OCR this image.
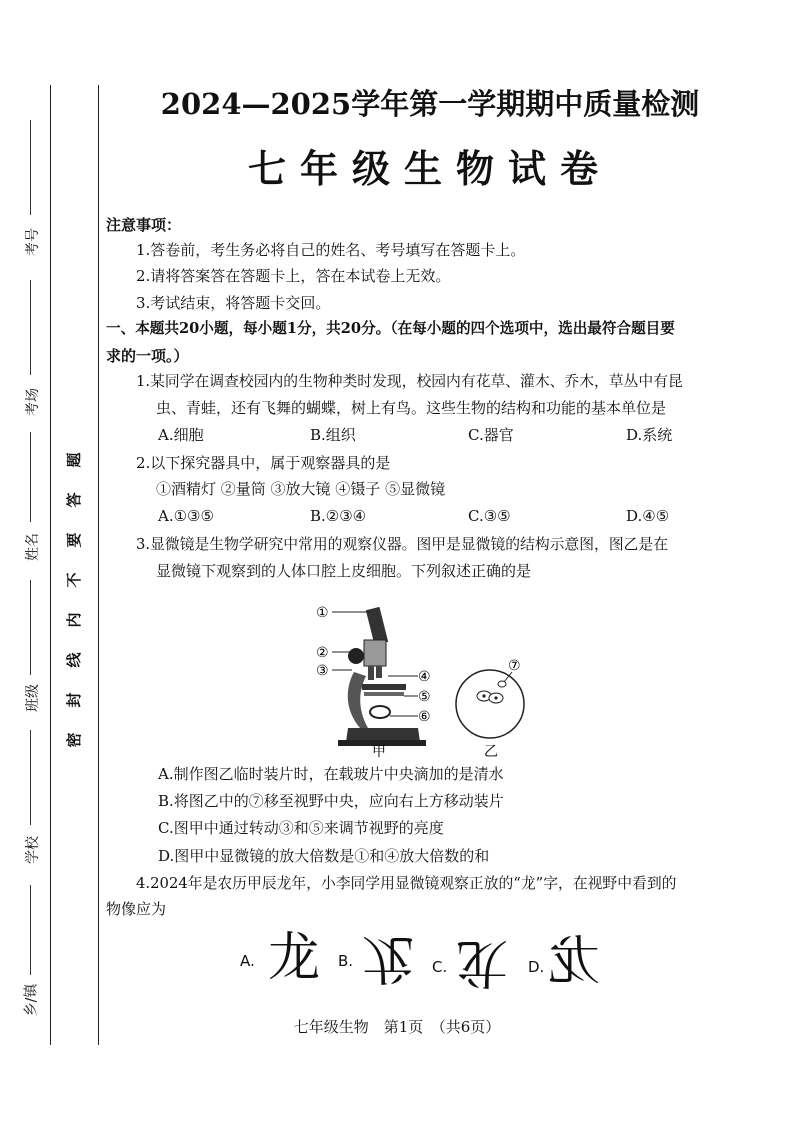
考号
考场
姓名
班级
学校
乡/镇
题
答
要
不
内
线
封
密
2024—2025学年第一学期期中质量检测
七年级生物试卷
注意事项：
1.答卷前，考生务必将自己的姓名、考号填写在答题卡上。
2.请将答案答在答题卡上，答在本试卷上无效。
3.考试结束，将答题卡交回。
一、本题共20小题，每小题1分，共20分。（在每小题的四个选项中，选出最符合题目要
求的一项。）
1.某同学在调查校园内的生物种类时发现，校园内有花草、灌木、乔木，草丛中有昆
虫、青蛙，还有飞舞的蝴蝶，树上有鸟。这些生物的结构和功能的基本单位是
A.细胞	B.组织	C.器官	D.系统
2.以下探究器具中，属于观察器具的是
①酒精灯 ②量筒 ③放大镜 ④镊子 ⑤显微镜
A.①③⑤	B.②③④	C.③⑤	D.④⑤
3.显微镜是生物学研究中常用的观察仪器。图甲是显微镜的结构示意图，图乙是在
显微镜下观察到的人体口腔上皮细胞。下列叙述正确的是
①
②
③	④
⑤
⑥
⑦
甲	乙
A.制作图乙临时装片时，在载玻片中央滴加的是清水
B.将图乙中的⑦移至视野中央，应向右上方移动装片
C.图甲中通过转动③和⑤来调节视野的亮度
D.图甲中显微镜的放大倍数是①和④放大倍数的和
4.2024年是农历甲辰龙年，小李同学用显微镜观察正放的“龙”字，在视野中看到的
物像应为
A. 龙 B. 龙 C. 龙 D. 龙
七年级生物　第1页　（共6页）
